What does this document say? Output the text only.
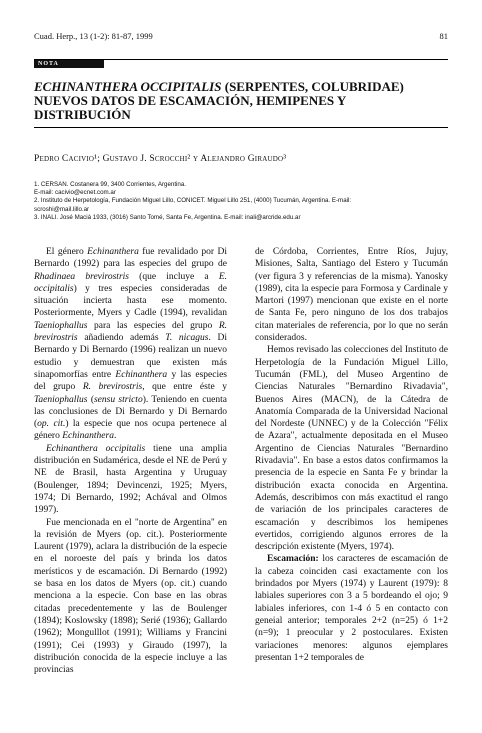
Cuad. Herp., 13 (1-2): 81-87, 1999	81
NOTA
ECHINANTHERA OCCIPITALIS (SERPENTES, COLUBRIDAE)
NUEVOS DATOS DE ESCAMACIÓN, HEMIPENES Y
DISTRIBUCIÓN
Pedro Cacivio¹; Gustavo J. Scrocchi² y Alejandro Giraudo³
1. CERSAN. Costanera 99, 3400 Corrientes, Argentina.
E-mail: cacivio@ecnet.com.ar
2. Instituto de Herpetología, Fundación Miguel Lillo, CONICET. Miguel Lillo 251, (4000) Tucumán, Argentina. E-mail:
scroshi@mail.lillo.ar
3. INALI. José Maciá 1933, (3016) Santo Tomé, Santa Fe, Argentina. E-mail: inali@arcride.edu.ar

El género Echinanthera fue revalidado por Di Bernardo (1992) para las especies del grupo de Rhadinaea brevirostris (que incluye a E. occipitalis) y tres especies consideradas de situación incierta hasta ese momento. Posteriormente, Myers y Cadle (1994), revalidan Taeniophallus para las especies del grupo R. brevirostris añadiendo además T. nicagus. Di Bernardo y Di Bernardo (1996) realizan un nuevo estudio y demuestran que existen más sinapomorfías entre Echinanthera y las especies del grupo R. brevirostris, que entre éste y Taeniophallus (sensu stricto). Teniendo en cuenta las conclusiones de Di Bernardo y Di Bernardo (op. cit.) la especie que nos ocupa pertenece al género Echinanthera.

Echinanthera occipitalis tiene una amplia distribución en Sudamérica, desde el NE de Perú y NE de Brasil, hasta Argentina y Uruguay (Boulenger, 1894; Devincenzi, 1925; Myers, 1974; Di Bernardo, 1992; Achával and Olmos 1997).

Fue mencionada en el "norte de Argentina" en la revisión de Myers (op. cit.). Posteriormente Laurent (1979), aclara la distribución de la especie en el noroeste del país y brinda los datos merísticos y de escamación. Di Bernardo (1992) se basa en los datos de Myers (op. cit.) cuando menciona a la especie. Con base en las obras citadas precedentemente y las de Boulenger (1894); Koslowsky (1898); Serié (1936); Gallardo (1962); Mongulllot (1991); Williams y Francini (1991); Cei (1993) y Giraudo (1997), la distribución conocida de la especie incluye a las provincias

de Córdoba, Corrientes, Entre Ríos, Jujuy, Misiones, Salta, Santiago del Estero y Tucumán (ver figura 3 y referencias de la misma). Yanosky (1989), cita la especie para Formosa y Cardinale y Martori (1997) mencionan que existe en el norte de Santa Fe, pero ninguno de los dos trabajos citan materiales de referencia, por lo que no serán considerados.

Hemos revisado las colecciones del Instituto de Herpetología de la Fundación Miguel Lillo, Tucumán (FML), del Museo Argentino de Ciencias Naturales "Bernardino Rivadavia", Buenos Aires (MACN), de la Cátedra de Anatomía Comparada de la Universidad Nacional del Nordeste (UNNEC) y de la Colección "Félix de Azara", actualmente depositada en el Museo Argentino de Ciencias Naturales "Bernardino Rivadavia". En base a estos datos confirmamos la presencia de la especie en Santa Fe y brindar la distribución exacta conocida en Argentina. Además, describimos con más exactitud el rango de variación de los principales caracteres de escamación y describimos los hemipenes evertidos, corrigiendo algunos errores de la descripción existente (Myers, 1974).

Escamación: los caracteres de escamación de la cabeza coinciden casi exactamente con los brindados por Myers (1974) y Laurent (1979): 8 labiales superiores con 3 a 5 bordeando el ojo; 9 labiales inferiores, con 1-4 ó 5 en contacto con geneial anterior; temporales 2+2 (n=25) ó 1+2 (n=9); 1 preocular y 2 postoculares. Existen variaciones menores: algunos ejemplares presentan 1+2 temporales de
